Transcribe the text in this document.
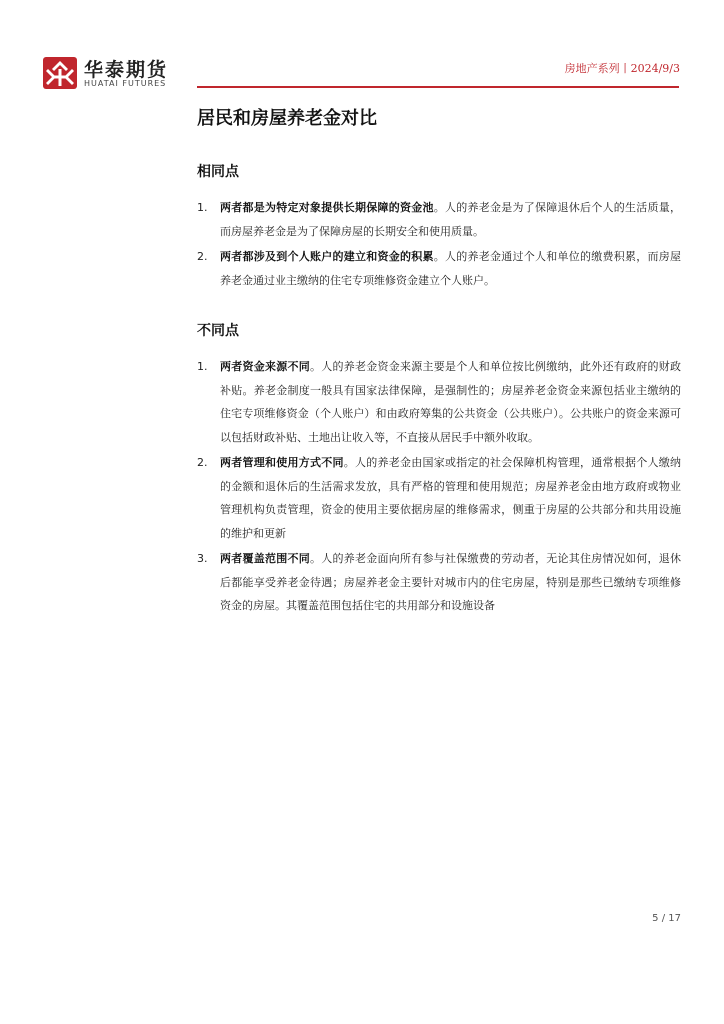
华泰期货
HUATAI FUTURES
房地产系列丨2024/9/3
居民和房屋养老金对比
相同点
1. 两者都是为特定对象提供长期保障的资金池。人的养老金是为了保障退休后个人的生活质量，而房屋养老金是为了保障房屋的长期安全和使用质量。
2. 两者都涉及到个人账户的建立和资金的积累。人的养老金通过个人和单位的缴费积累，而房屋养老金通过业主缴纳的住宅专项维修资金建立个人账户。
不同点
1. 两者资金来源不同。人的养老金资金来源主要是个人和单位按比例缴纳，此外还有政府的财政补贴。养老金制度一般具有国家法律保障，是强制性的；房屋养老金资金来源包括业主缴纳的住宅专项维修资金（个人账户）和由政府筹集的公共资金（公共账户）。公共账户的资金来源可以包括财政补贴、土地出让收入等，不直接从居民手中额外收取。
2. 两者管理和使用方式不同。人的养老金由国家或指定的社会保障机构管理，通常根据个人缴纳的金额和退休后的生活需求发放，具有严格的管理和使用规范；房屋养老金由地方政府或物业管理机构负责管理，资金的使用主要依据房屋的维修需求，侧重于房屋的公共部分和共用设施的维护和更新
3. 两者覆盖范围不同。人的养老金面向所有参与社保缴费的劳动者，无论其住房情况如何，退休后都能享受养老金待遇；房屋养老金主要针对城市内的住宅房屋，特别是那些已缴纳专项维修资金的房屋。其覆盖范围包括住宅的共用部分和设施设备
5 / 17
